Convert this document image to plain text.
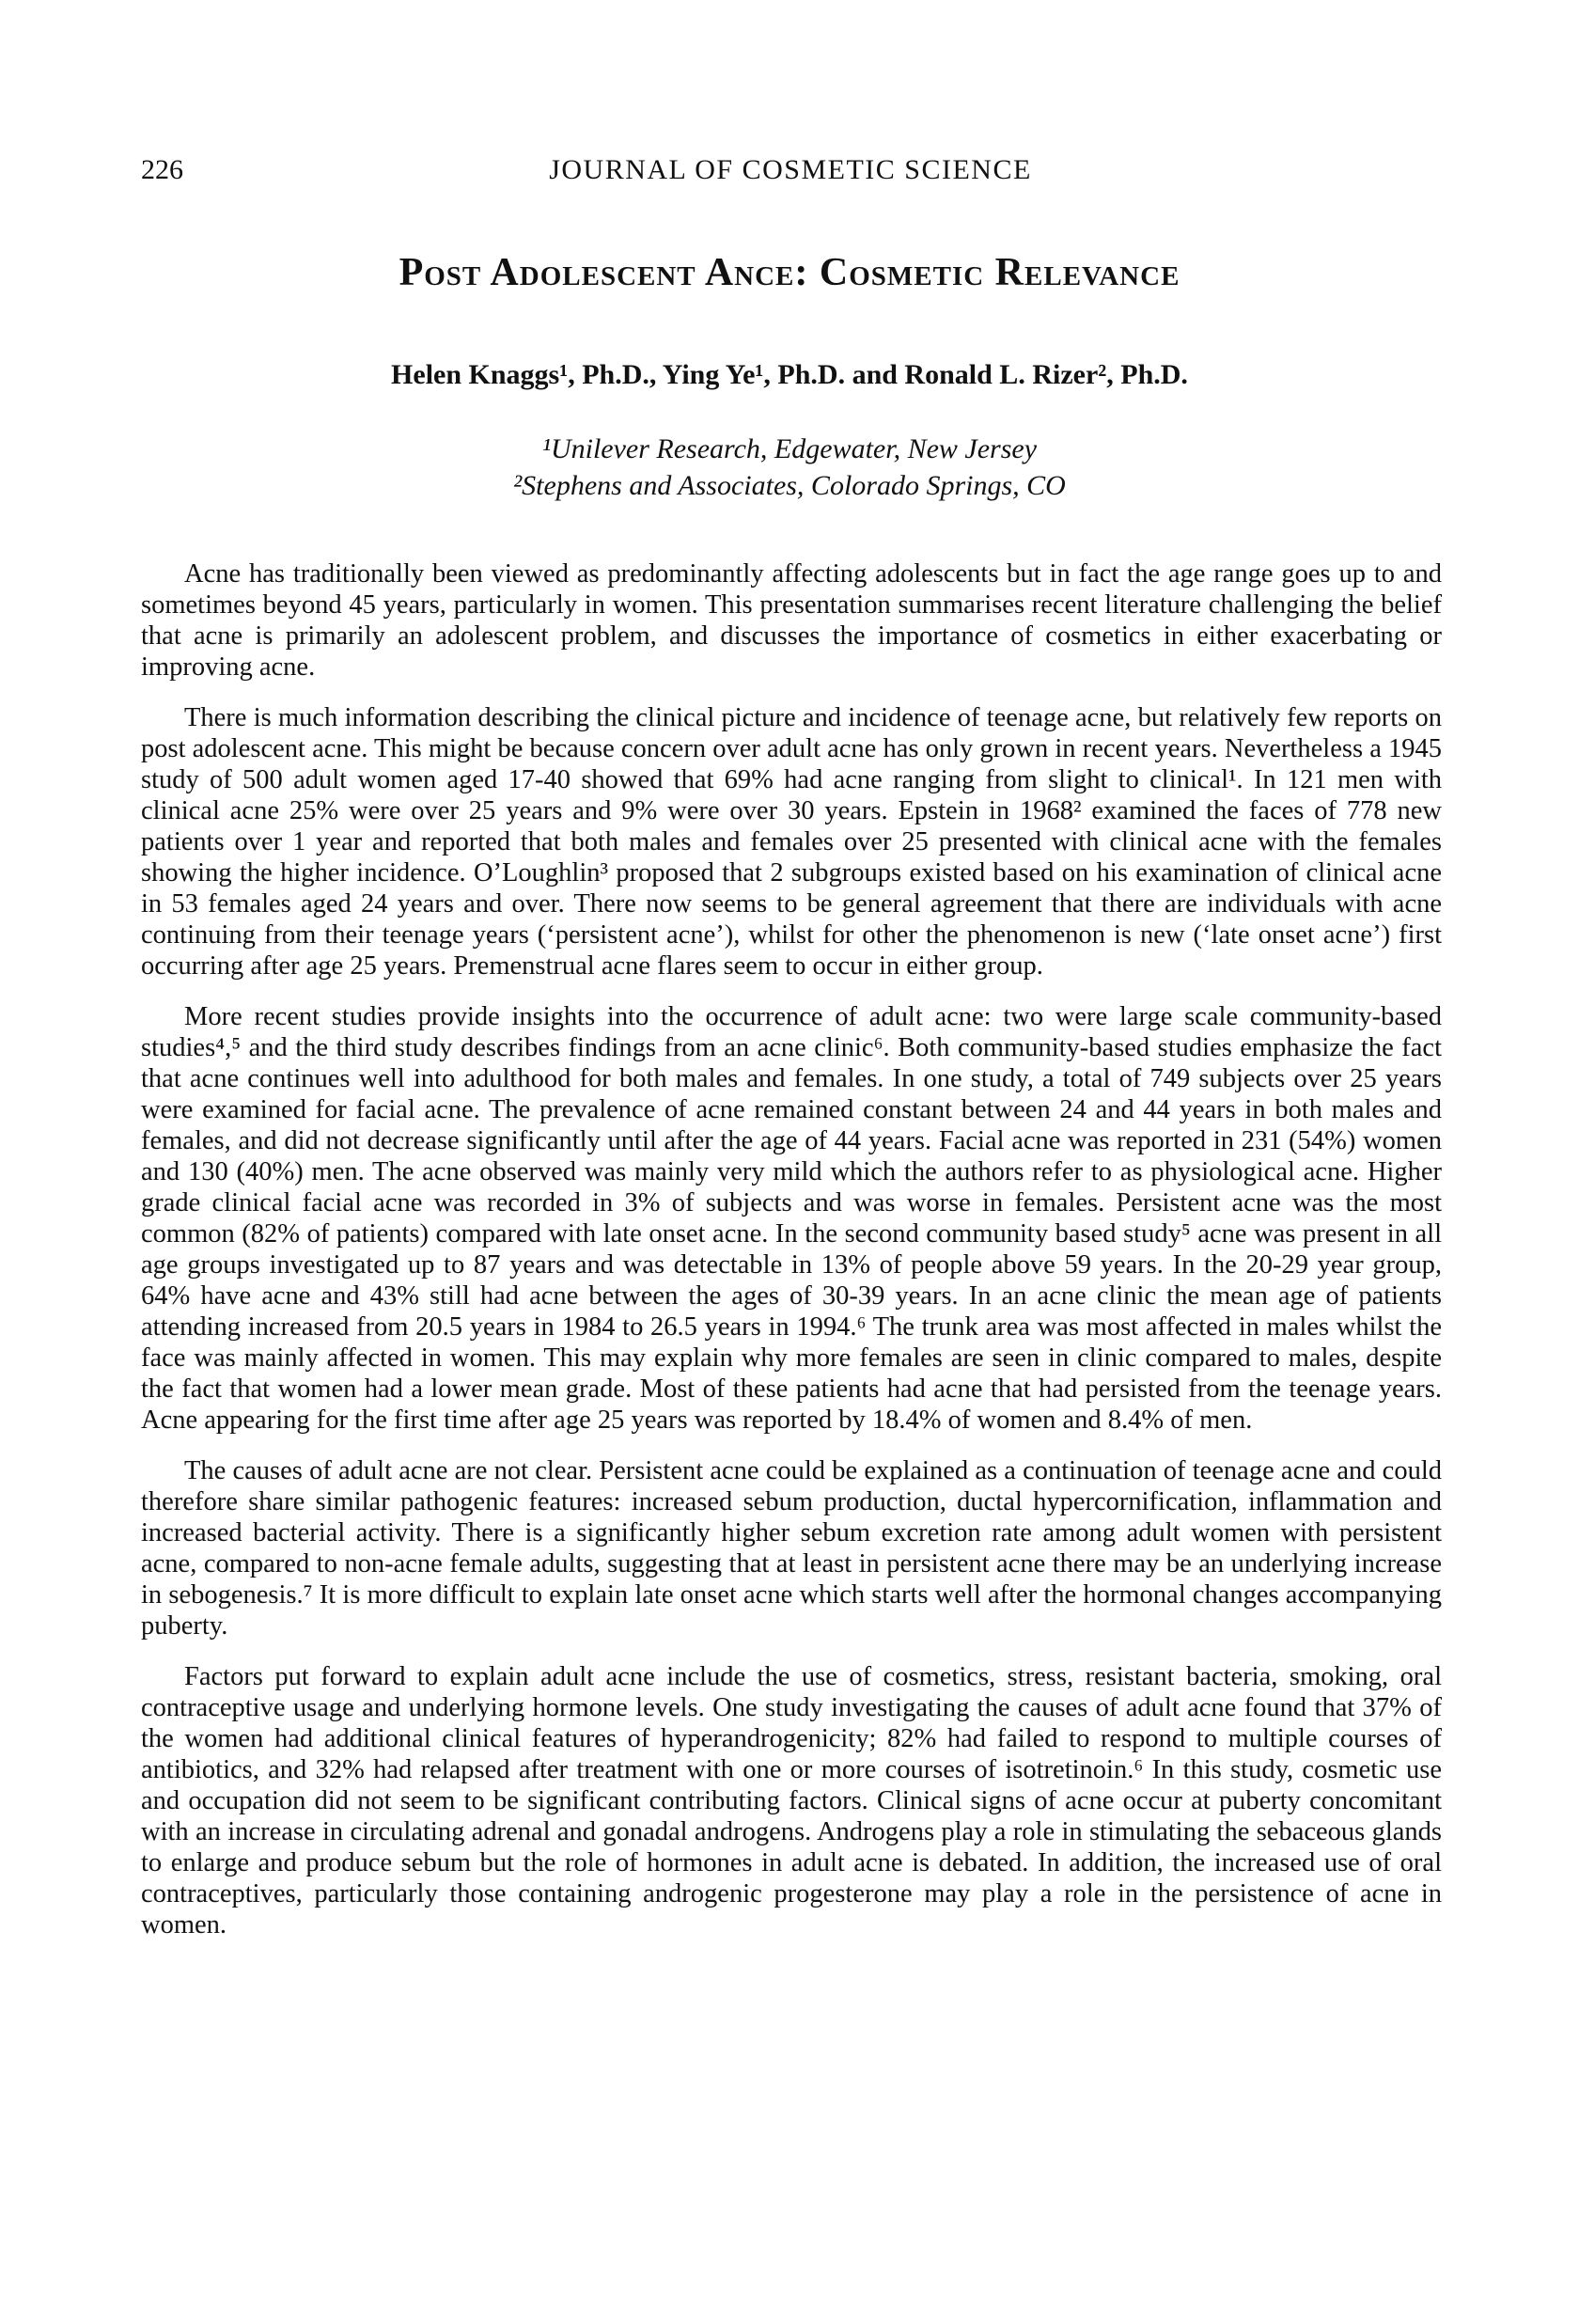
226	JOURNAL OF COSMETIC SCIENCE
Post Adolescent Ance: Cosmetic Relevance
Helen Knaggs¹, Ph.D., Ying Ye¹, Ph.D. and Ronald L. Rizer², Ph.D.
¹Unilever Research, Edgewater, New Jersey
²Stephens and Associates, Colorado Springs, CO

Acne has traditionally been viewed as predominantly affecting adolescents but in fact the age range goes up to and sometimes beyond 45 years, particularly in women. This presentation summarises recent literature challenging the belief that acne is primarily an adolescent problem, and discusses the importance of cosmetics in either exacerbating or improving acne.

There is much information describing the clinical picture and incidence of teenage acne, but relatively few reports on post adolescent acne. This might be because concern over adult acne has only grown in recent years. Nevertheless a 1945 study of 500 adult women aged 17-40 showed that 69% had acne ranging from slight to clinical¹. In 121 men with clinical acne 25% were over 25 years and 9% were over 30 years. Epstein in 1968² examined the faces of 778 new patients over 1 year and reported that both males and females over 25 presented with clinical acne with the females showing the higher incidence. O’Loughlin³ proposed that 2 subgroups existed based on his examination of clinical acne in 53 females aged 24 years and over. There now seems to be general agreement that there are individuals with acne continuing from their teenage years (‘persistent acne’), whilst for other the phenomenon is new (‘late onset acne’) first occurring after age 25 years. Premenstrual acne flares seem to occur in either group.

More recent studies provide insights into the occurrence of adult acne: two were large scale community-based studies⁴,⁵ and the third study describes findings from an acne clinic⁶. Both community-based studies emphasize the fact that acne continues well into adulthood for both males and females. In one study, a total of 749 subjects over 25 years were examined for facial acne. The prevalence of acne remained constant between 24 and 44 years in both males and females, and did not decrease significantly until after the age of 44 years. Facial acne was reported in 231 (54%) women and 130 (40%) men. The acne observed was mainly very mild which the authors refer to as physiological acne. Higher grade clinical facial acne was recorded in 3% of subjects and was worse in females. Persistent acne was the most common (82% of patients) compared with late onset acne. In the second community based study⁵ acne was present in all age groups investigated up to 87 years and was detectable in 13% of people above 59 years. In the 20-29 year group, 64% have acne and 43% still had acne between the ages of 30-39 years. In an acne clinic the mean age of patients attending increased from 20.5 years in 1984 to 26.5 years in 1994.⁶ The trunk area was most affected in males whilst the face was mainly affected in women. This may explain why more females are seen in clinic compared to males, despite the fact that women had a lower mean grade. Most of these patients had acne that had persisted from the teenage years. Acne appearing for the first time after age 25 years was reported by 18.4% of women and 8.4% of men.

The causes of adult acne are not clear. Persistent acne could be explained as a continuation of teenage acne and could therefore share similar pathogenic features: increased sebum production, ductal hypercornification, inflammation and increased bacterial activity. There is a significantly higher sebum excretion rate among adult women with persistent acne, compared to non-acne female adults, suggesting that at least in persistent acne there may be an underlying increase in sebogenesis.⁷ It is more difficult to explain late onset acne which starts well after the hormonal changes accompanying puberty.

Factors put forward to explain adult acne include the use of cosmetics, stress, resistant bacteria, smoking, oral contraceptive usage and underlying hormone levels. One study investigating the causes of adult acne found that 37% of the women had additional clinical features of hyperandrogenicity; 82% had failed to respond to multiple courses of antibiotics, and 32% had relapsed after treatment with one or more courses of isotretinoin.⁶ In this study, cosmetic use and occupation did not seem to be significant contributing factors. Clinical signs of acne occur at puberty concomitant with an increase in circulating adrenal and gonadal androgens. Androgens play a role in stimulating the sebaceous glands to enlarge and produce sebum but the role of hormones in adult acne is debated. In addition, the increased use of oral contraceptives, particularly those containing androgenic progesterone may play a role in the persistence of acne in women.
